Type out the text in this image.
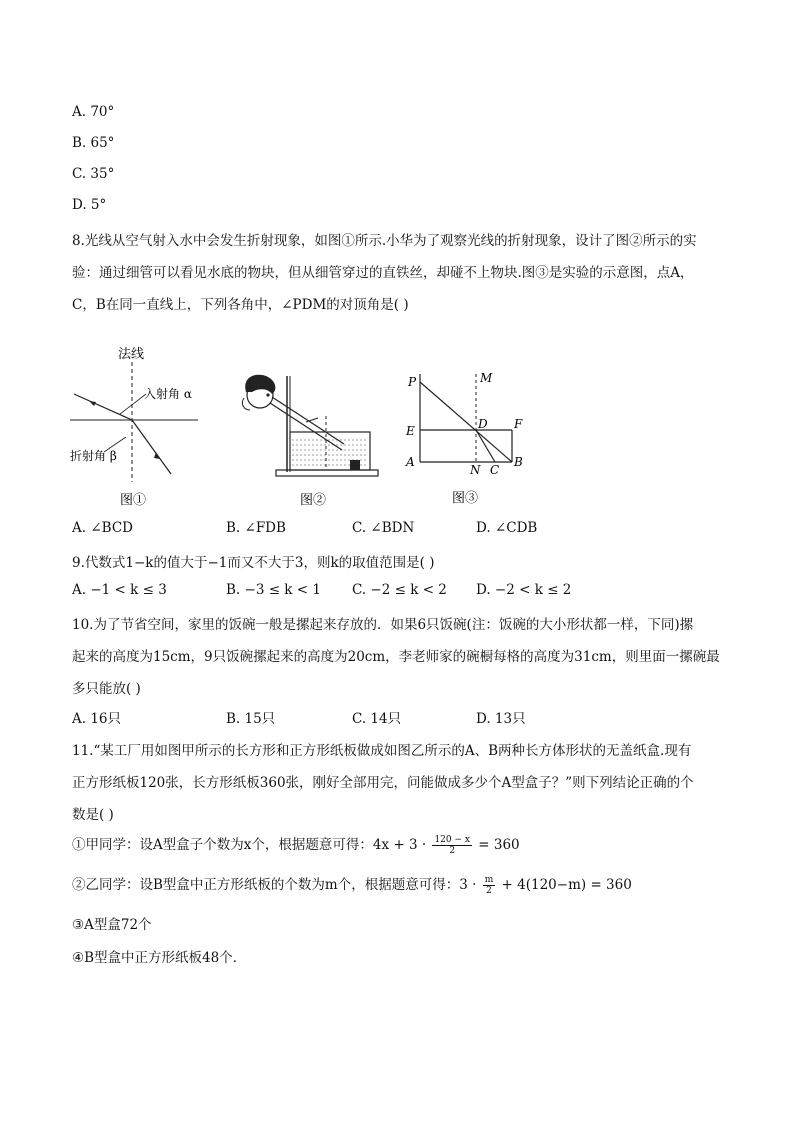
A. 70°
B. 65°
C. 35°
D. 5°
8.光线从空气射入水中会发生折射现象，如图①所示.小华为了观察光线的折射现象，设计了图②所示的实
验：通过细管可以看见水底的物块，但从细管穿过的直铁丝，却碰不上物块.图③是实验的示意图，点A，
C，B在同一直线上，下列各角中，∠PDM的对顶角是( )
法线
入射角 α
折射角 β
图①	图②
P	M
E	D F
A
N C
B
图③
A. ∠BCD	B. ∠FDB	C. ∠BDN	D. ∠CDB
9.代数式1−k的值大于−1而又不大于3，则k的取值范围是( )
A. −1 < k ≤ 3	B. −3 ≤ k < 1 C. −2 ≤ k < 2 D. −2 < k ≤ 2
10.为了节省空间，家里的饭碗一般是摞起来存放的．如果6只饭碗(注：饭碗的大小形状都一样，下同)摞
起来的高度为15cm，9只饭碗摞起来的高度为20cm，李老师家的碗橱每格的高度为31cm，则里面一摞碗最
多只能放( )
A. 16只	B. 15只	C. 14只	D. 13只
11.“某工厂用如图甲所示的长方形和正方形纸板做成如图乙所示的A、B两种长方体形状的无盖纸盒.现有
正方形纸板120张，长方形纸板360张，刚好全部用完，问能做成多少个A型盒子？”则下列结论正确的个
数是( )
①甲同学：设A型盒子个数为x个，根据题意可得：$4x + 3 \cdot \frac{120 - x}{2} = 360$
②乙同学：设B型盒中正方形纸板的个数为m个，根据题意可得：$3 \cdot \frac{m}{2} + 4(120-m) = 360$
③A型盒72个
④B型盒中正方形纸板48个．
